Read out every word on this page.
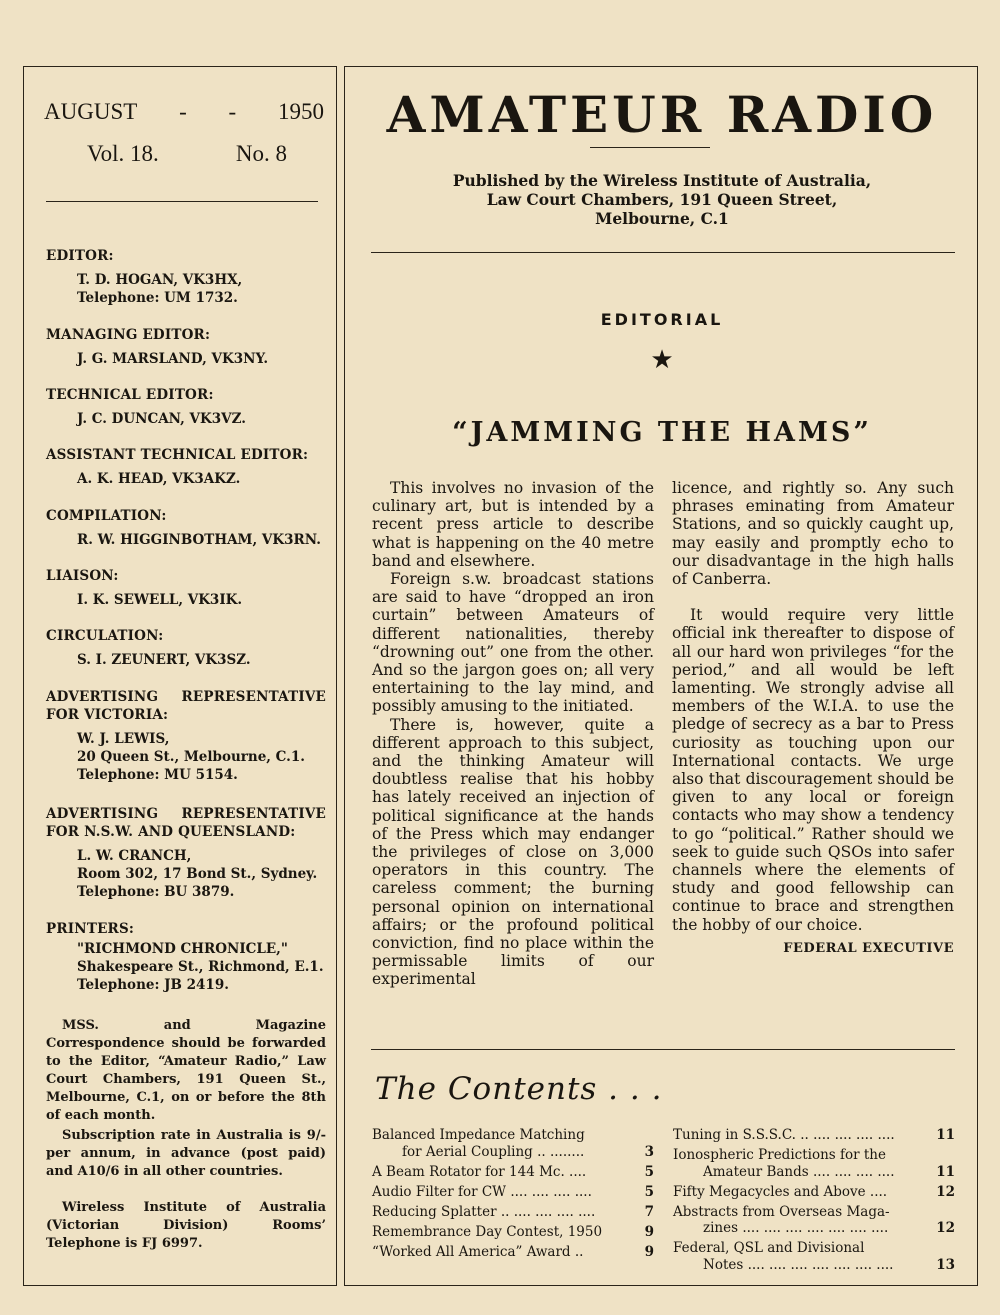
AUGUST - - 1950
Vol. 18.	No. 8
EDITOR:
T. D. HOGAN, VK3HX,
Telephone: UM 1732.
MANAGING EDITOR:
J. G. MARSLAND, VK3NY.
TECHNICAL EDITOR:
J. C. DUNCAN, VK3VZ.
ASSISTANT TECHNICAL EDITOR:
A. K. HEAD, VK3AKZ.
COMPILATION:
R. W. HIGGINBOTHAM, VK3RN.
LIAISON:
I. K. SEWELL, VK3IK.
CIRCULATION:
S. I. ZEUNERT, VK3SZ.
ADVERTISING REPRESENTATIVE FOR VICTORIA:
W. J. LEWIS,
20 Queen St., Melbourne, C.1.
Telephone: MU 5154.
ADVERTISING REPRESENTATIVE FOR N.S.W. AND QUEENSLAND:
L. W. CRANCH,
Room 302, 17 Bond St., Sydney.
Telephone: BU 3879.
PRINTERS:
"RICHMOND CHRONICLE,"
Shakespeare St., Richmond, E.1.
Telephone: JB 2419.
MSS. and Magazine Correspondence should be forwarded to the Editor, “Amateur Radio,” Law Court Chambers, 191 Queen St., Melbourne, C.1, on or before the 8th of each month.
Subscription rate in Australia is 9/- per annum, in advance (post paid) and A10/6 in all other countries.
Wireless Institute of Australia (Victorian Division) Rooms’ Telephone is FJ 6997.
AMATEUR RADIO
Published by the Wireless Institute of Australia,
Law Court Chambers, 191 Queen Street,
Melbourne, C.1
EDITORIAL
★
“JAMMING THE HAMS”

This involves no invasion of the culinary art, but is intended by a recent press article to describe what is happening on the 40 metre band and elsewhere.

Foreign s.w. broadcast stations are said to have “dropped an iron curtain” between Amateurs of different nationalities, thereby “drowning out” one from the other. And so the jargon goes on; all very entertaining to the lay mind, and possibly amusing to the initiated.

There is, however, quite a different approach to this subject, and the thinking Amateur will doubtless realise that his hobby has lately received an injection of political significance at the hands of the Press which may endanger the privileges of close on 3,000 operators in this country. The careless comment; the burning personal opinion on international affairs; or the profound political conviction, find no place within the permissable limits of our experimental

licence, and rightly so. Any such phrases eminating from Amateur Stations, and so quickly caught up, may easily and promptly echo to our disadvantage in the high halls of Canberra.

It would require very little official ink thereafter to dispose of all our hard won privileges “for the period,” and all would be left lamenting. We strongly advise all members of the W.I.A. to use the pledge of secrecy as a bar to Press curiosity as touching upon our International contacts. We urge also that discouragement should be given to any local or foreign contacts who may show a tendency to go “political.” Rather should we seek to guide such QSOs into safer channels where the elements of study and good fellowship can continue to brace and strengthen the hobby of our choice.

FEDERAL EXECUTIVE
The Contents . . .
Balanced Impedance Matching
for Aerial Coupling .. ........	3
A Beam Rotator for 144 Mc. ....	5
Audio Filter for CW .... .... .... ....	5
Reducing Splatter .. .... .... .... ....	7
Remembrance Day Contest, 1950	9
“Worked All America” Award ..	9
Tuning in S.S.S.C. .. .... .... .... ....	11
Ionospheric Predictions for the
Amateur Bands .... .... .... ....	11
Fifty Megacycles and Above ....	12
Abstracts from Overseas Maga-
zines .... .... .... .... .... .... ....	12
Federal, QSL and Divisional
Notes .... .... .... .... .... .... ....	13
